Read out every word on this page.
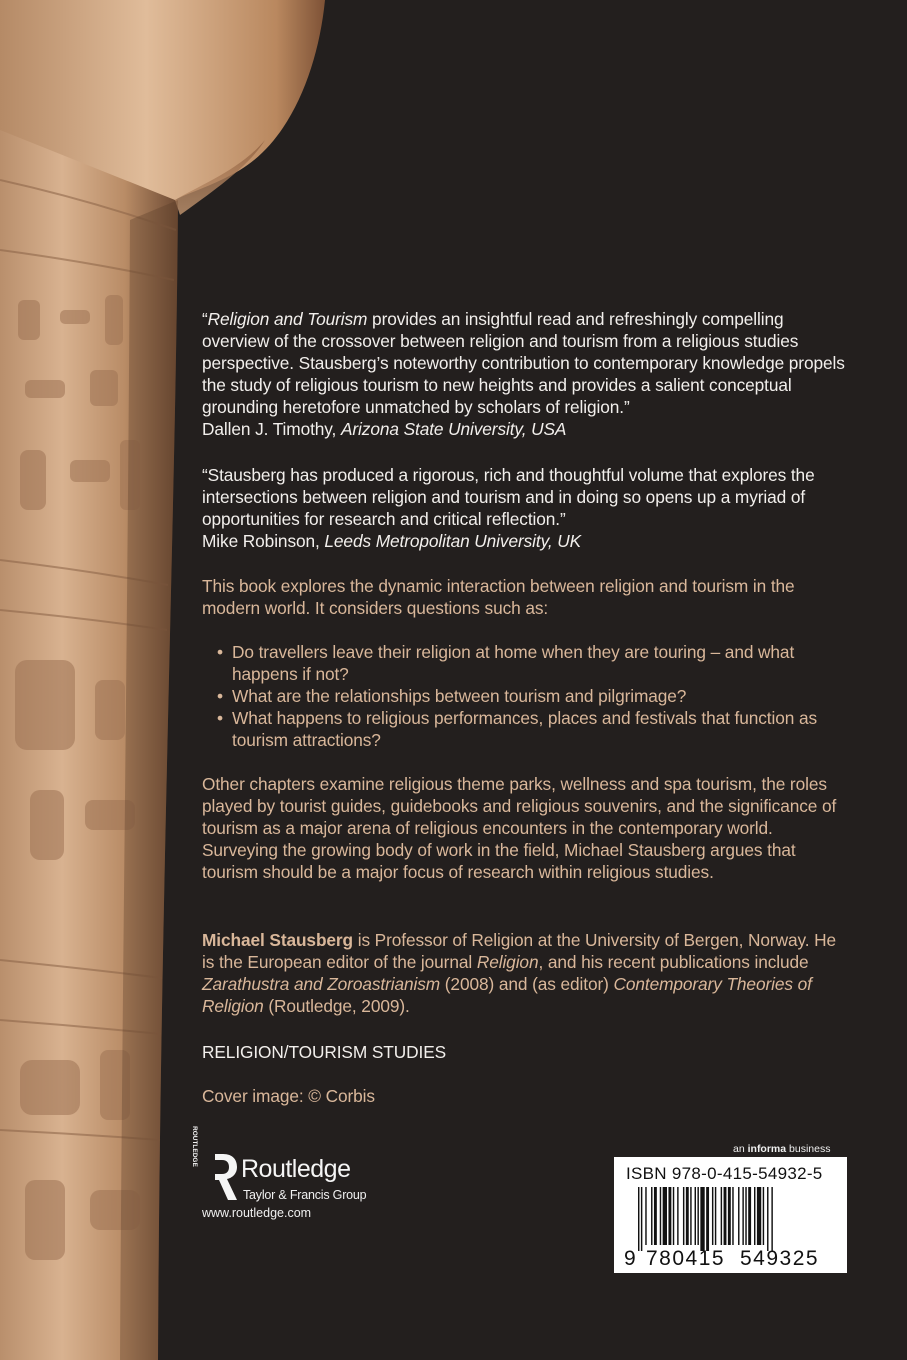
“Religion and Tourism provides an insightful read and refreshingly compelling overview of the crossover between religion and tourism from a religious studies perspective. Stausberg’s noteworthy contribution to contemporary knowledge propels the study of religious tourism to new heights and provides a salient conceptual grounding heretofore unmatched by scholars of religion.”

Dallen J. Timothy, Arizona State University, USA

“Stausberg has produced a rigorous, rich and thoughtful volume that explores the intersections between religion and tourism and in doing so opens up a myriad of opportunities for research and critical reflection.”

Mike Robinson, Leeds Metropolitan University, UK

This book explores the dynamic interaction between religion and tourism in the modern world. It considers questions such as:
• Do travellers leave their religion at home when they are touring – and what happens if not?
• What are the relationships between tourism and pilgrimage?
• What happens to religious performances, places and festivals that function as tourism attractions?
Other chapters examine religious theme parks, wellness and spa tourism, the roles played by tourist guides, guidebooks and religious souvenirs, and the significance of tourism as a major arena of religious encounters in the contemporary world. Surveying the growing body of work in the field, Michael Stausberg argues that tourism should be a major focus of research within religious studies.
Michael Stausberg is Professor of Religion at the University of Bergen, Norway. He is the European editor of the journal Religion, and his recent publications include Zarathustra and Zoroastrianism (2008) and (as editor) Contemporary Theories of Religion (Routledge, 2009).
RELIGION/TOURISM STUDIES
Cover image: © Corbis
ROUTLEDGE
Routledge
Taylor & Francis Group
www.routledge.com
an informa business
ISBN 978-0-415-54932-5
9 780415 549325
